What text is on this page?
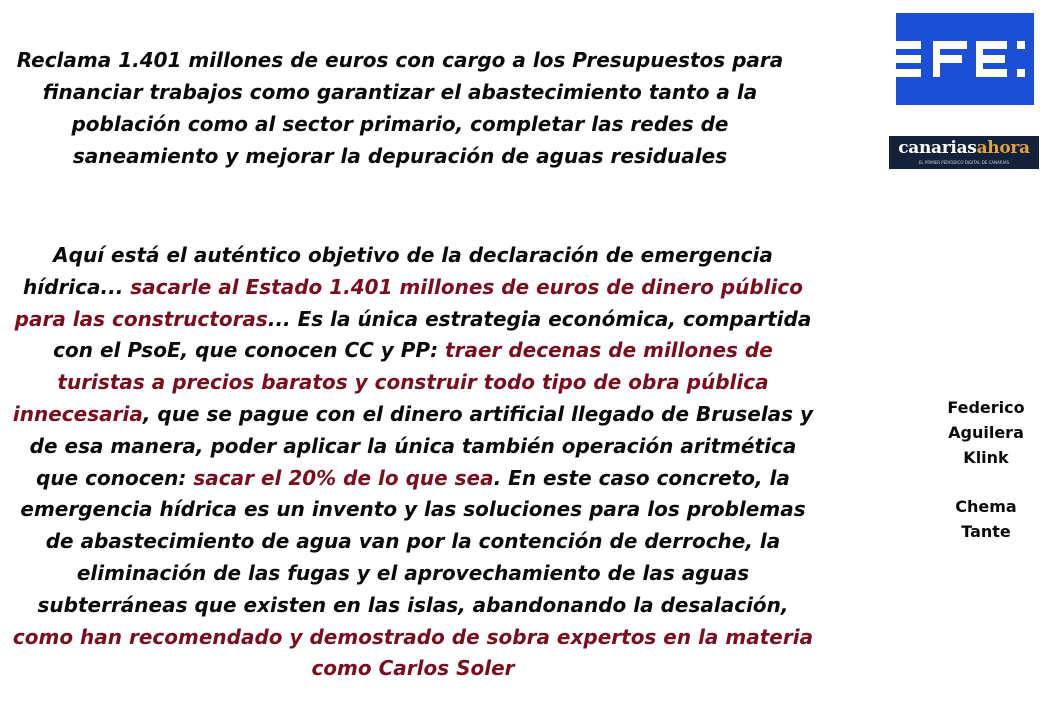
Reclama 1.401 millones de euros con cargo a los Presupuestos para financiar trabajos como garantizar el abastecimiento tanto a la población como al sector primario, completar las redes de saneamiento y mejorar la depuración de aguas residuales

Aquí está el auténtico objetivo de la declaración de emergencia hídrica... sacarle al Estado 1.401 millones de euros de dinero público para las constructoras... Es la única estrategia económica, compartida con el PsoE, que conocen CC y PP: traer decenas de millones de turistas a precios baratos y construir todo tipo de obra pública innecesaria, que se pague con el dinero artificial llegado de Bruselas y de esa manera, poder aplicar la única también operación aritmética que conocen: sacar el 20% de lo que sea. En este caso concreto, la emergencia hídrica es un invento y las soluciones para los problemas de abastecimiento de agua van por la contención de derroche, la eliminación de las fugas y el aprovechamiento de las aguas subterráneas que existen en las islas, abandonando la desalación, como han recomendado y demostrado de sobra expertos en la materia como Carlos Soler

canariasahora
EL PRIMER PERIÓDICO DIGITAL DE CANARIAS
Federico
Aguilera
Klink
Chema
Tante
